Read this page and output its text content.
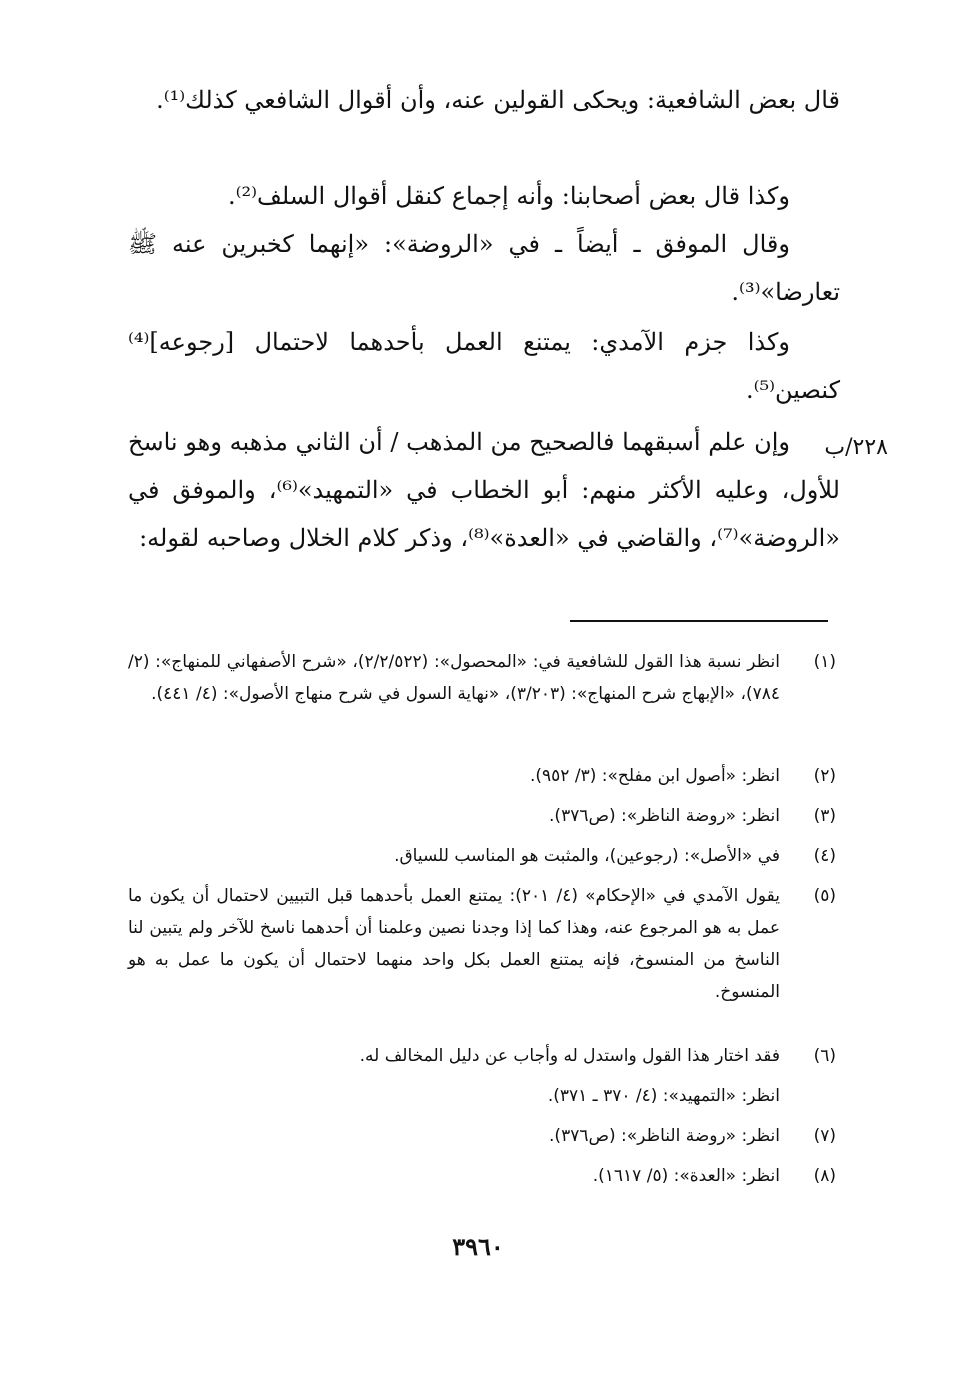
قال بعض الشافعية: ويحكى القولين عنه، وأن أقوال الشافعي كذلك⁽¹⁾.

وكذا قال بعض أصحابنا: وأنه إجماع كنقل أقوال السلف⁽²⁾.

وقال الموفق ـ أيضاً ـ في «الروضة»: «إنهما كخبرين عنه ﷺ تعارضا»⁽³⁾.

وكذا جزم الآمدي: يمتنع العمل بأحدهما لاحتمال [رجوعه]⁽⁴⁾ كنصين⁽⁵⁾.

وإن علم أسبقهما فالصحيح من المذهب / أن الثاني مذهبه وهو ناسخ للأول، وعليه الأكثر منهم: أبو الخطاب في «التمهيد»⁽⁶⁾، والموفق في «الروضة»⁽⁷⁾، والقاضي في «العدة»⁽⁸⁾، وذكر كلام الخلال وصاحبه لقوله:

٢٢٨/ب
(١)
انظر نسبة هذا القول للشافعية في: «المحصول»: (٢/٢/٥٢٢)، «شرح الأصفهاني للمنهاج»: (٢/ ٧٨٤)، «الإبهاج شرح المنهاج»: (٣/٢٠٣)، «نهاية السول في شرح منهاج الأصول»: (٤/ ٤٤١).
(٢)
انظر: «أصول ابن مفلح»: (٣/ ٩٥٢).
(٣)
انظر: «روضة الناظر»: (ص٣٧٦).
(٤)
في «الأصل»: (رجوعين)، والمثبت هو المناسب للسياق.
(٥)
يقول الآمدي في «الإحكام» (٤/ ٢٠١): يمتنع العمل بأحدهما قبل التبيين لاحتمال أن يكون ما عمل به هو المرجوع عنه، وهذا كما إذا وجدنا نصين وعلمنا أن أحدهما ناسخ للآخر ولم يتبين لنا الناسخ من المنسوخ، فإنه يمتنع العمل بكل واحد منهما لاحتمال أن يكون ما عمل به هو المنسوخ.
(٦)
فقد اختار هذا القول واستدل له وأجاب عن دليل المخالف له.
انظر: «التمهيد»: (٤/ ٣٧٠ ـ ٣٧١).
(٧)
انظر: «روضة الناظر»: (ص٣٧٦).
(٨)
انظر: «العدة»: (٥/ ١٦١٧).
٣٩٦٠
